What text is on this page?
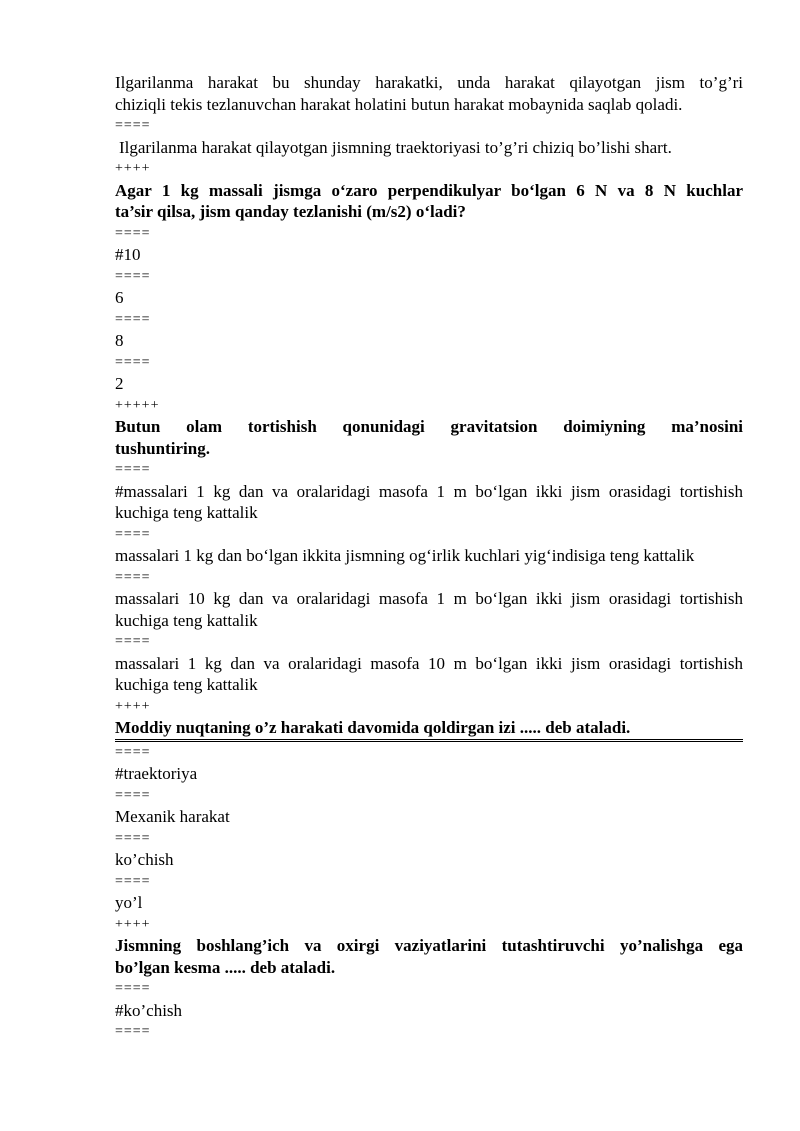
Ilgarilanma harakat bu shunday harakatki, unda harakat qilayotgan jism to’g’ri
chiziqli tekis tezlanuvchan harakat holatini butun harakat mobaynida saqlab qoladi.
====
Ilgarilanma harakat qilayotgan jismning traektoriyasi to’g’ri chiziq bo’lishi shart.
++++
Agar 1 kg massali jismga o‘zaro perpendikulyar bo‘lgan 6 N va 8 N kuchlar
ta’sir qilsa, jism qanday tezlanishi (m/s2) o‘ladi?
====
#10
====
6
====
8
====
2
+++++
Butun olam tortishish qonunidagi gravitatsion doimiyning ma’nosini
tushuntiring.
====
#massalari 1 kg dan va oralaridagi masofa 1 m bo‘lgan ikki jism orasidagi tortishish
kuchiga teng kattalik
====
massalari 1 kg dan bo‘lgan ikkita jismning og‘irlik kuchlari yig‘indisiga teng kattalik
====
massalari 10 kg dan va oralaridagi masofa 1 m bo‘lgan ikki jism orasidagi tortishish
kuchiga teng kattalik
====
massalari 1 kg dan va oralaridagi masofa 10 m bo‘lgan ikki jism orasidagi tortishish
kuchiga teng kattalik
++++
Moddiy nuqtaning o’z harakati davomida qoldirgan izi ..... deb ataladi.
====
#traektoriya
====
Mexanik harakat
====
ko’chish
====
yo’l
++++
Jismning boshlang’ich va oxirgi vaziyatlarini tutashtiruvchi yo’nalishga ega
bo’lgan kesma ..... deb ataladi.
====
#ko’chish
====
